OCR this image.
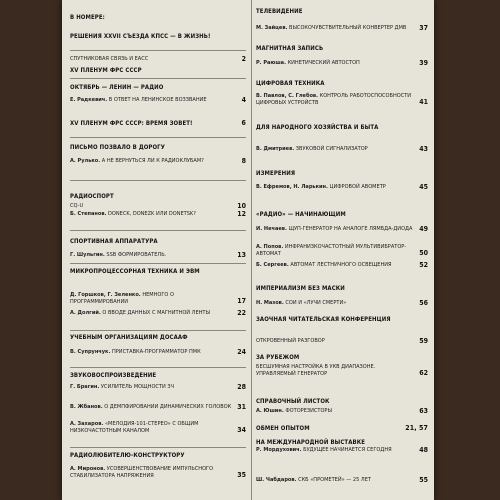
В НОМЕРЕ:
РЕШЕНИЯ XXVII СЪЕЗДА КПСС — В ЖИЗНЬ!
СПУТНИКОВАЯ СВЯЗЬ И ЕАСС	2
XV ПЛЕНУМ ФРС СССР
ОКТЯБРЬ — ЛЕНИН — РАДИО
Е. Радкевич. В ОТВЕТ НА ЛЕНИНСКОЕ ВОЗЗВАНИЕ	4
XV ПЛЕНУМ ФРС СССР: ВРЕМЯ ЗОВЕТ!	6
ПИСЬМО ПОЗВАЛО В ДОРОГУ
А. Рулько. А НЕ ВЕРНУТЬСЯ ЛИ К РАДИОКЛУБАМ?	8
РАДИОСПОРТ
CQ-U	10
Б. Степанов. DONECK, DONEZK ИЛИ DONETSK?	12
СПОРТИВНАЯ АППАРАТУРА
Г. Шульгин. SSB ФОРМИРОВАТЕЛЬ.	13
МИКРОПРОЦЕССОРНАЯ ТЕХНИКА И ЭВМ
Д. Горшков, Г. Зеленко. НЕМНОГО О ПРОГРАММИРОВАНИИ	17
А. Долгий. О ВВОДЕ ДАННЫХ С МАГНИТНОЙ ЛЕНТЫ	22
УЧЕБНЫМ ОРГАНИЗАЦИЯМ ДОСААФ
В. Супрунчук. ПРИСТАВКА-ПРОГРАММАТОР ПМК	24
ЗВУКОВОСПРОИЗВЕДЕНИЕ
Г. Брагин. УСИЛИТЕЛЬ МОЩНОСТИ ЗЧ	28
В. Жбанов. О ДЕМПФИРОВАНИИ ДИНАМИЧЕСКИХ ГОЛОВОК 31
А. Захаров. «МЕЛОДИЯ-101-СТЕРЕО» С ОБЩИМ НИЗКОЧАСТОТНЫМ КАНАЛОМ	34
РАДИОЛЮБИТЕЛЮ-КОНСТРУКТОРУ
А. Миронов. УСОВЕРШЕНСТВОВАНИЕ ИМПУЛЬСНОГО СТАБИЛИЗАТОРА НАПРЯЖЕНИЯ	35
ТЕЛЕВИДЕНИЕ
М. Зайцев. ВЫСОКОЧУВСТВИТЕЛЬНЫЙ КОНВЕРТЕР ДМВ	37
МАГНИТНАЯ ЗАПИСЬ
Р. Раюша. КИНЕТИЧЕСКИЙ АВТОСТОП	39
ЦИФРОВАЯ ТЕХНИКА
В. Павлов, С. Глебов. КОНТРОЛЬ РАБОТОСПОСОБНОСТИ ЦИФРОВЫХ УСТРОЙСТВ	41
ДЛЯ НАРОДНОГО ХОЗЯЙСТВА И БЫТА
В. Дмитриев. ЗВУКОВОЙ СИГНАЛИЗАТОР	43
ИЗМЕРЕНИЯ
В. Ефремов, Н. Ларькин. ЦИФРОВОЙ АВОМЕТР	45
«РАДИО» — НАЧИНАЮЩИМ
И. Нечаев. ЩУП-ГЕНЕРАТОР НА АНАЛОГЕ ЛЯМБДА-ДИОДА 49
А. Попов. ИНФРАНИЗКОЧАСТОТНЫЙ МУЛЬТИВИБРАТОР-АВТОМАТ	50
Б. Сергеев. АВТОМАТ ЛЕСТНИЧНОГО ОСВЕЩЕНИЯ	52
ИМПЕРИАЛИЗМ БЕЗ МАСКИ
Н. Мазов. СОИ И «ЛУЧИ СМЕРТИ»	56
ЗАОЧНАЯ ЧИТАТЕЛЬСКАЯ КОНФЕРЕНЦИЯ
ОТКРОВЕННЫЙ РАЗГОВОР	59
ЗА РУБЕЖОМ
БЕСШУМНАЯ НАСТРОЙКА В УКВ ДИАПАЗОНЕ. УПРАВЛЯЕМЫЙ ГЕНЕРАТОР	62
СПРАВОЧНЫЙ ЛИСТОК
А. Юшин. ФОТОРЕЗИСТОРЫ	63
ОБМЕН ОПЫТОМ	21, 57
НА МЕЖДУНАРОДНОЙ ВЫСТАВКЕ
Р. Мордухович. БУДУЩЕЕ НАЧИНАЕТСЯ СЕГОДНЯ	48
Ш. Чабдаров. СКБ «ПРОМЕТЕЙ» — 25 ЛЕТ	55
